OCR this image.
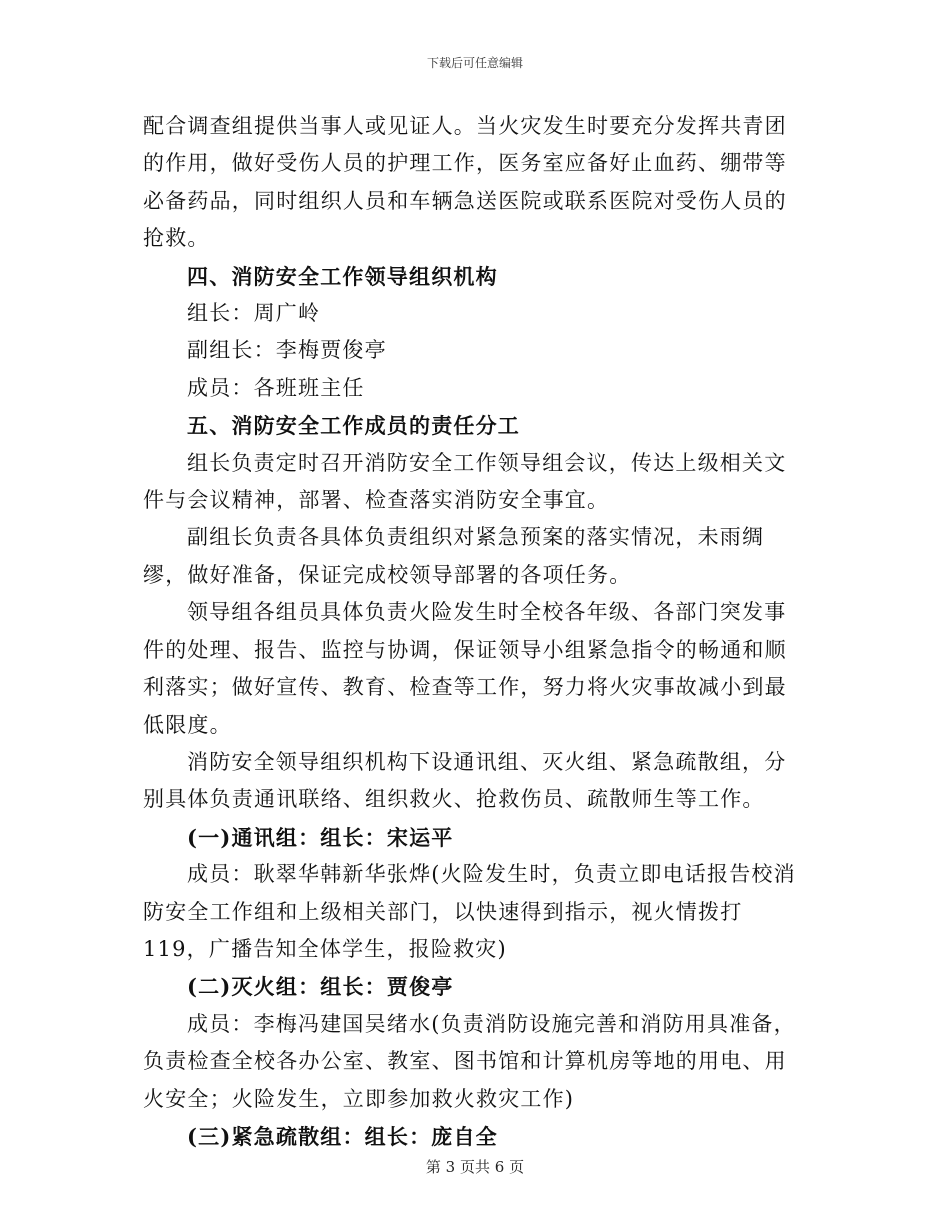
下载后可任意编辑

配合调查组提供当事人或见证人。当火灾发生时要充分发挥共青团的作用，做好受伤人员的护理工作，医务室应备好止血药、绷带等必备药品，同时组织人员和车辆急送医院或联系医院对受伤人员的抢救。

四、消防安全工作领导组织机构

组长：周广岭

副组长：李梅贾俊亭

成员：各班班主任

五、消防安全工作成员的责任分工

组长负责定时召开消防安全工作领导组会议，传达上级相关文件与会议精神，部署、检查落实消防安全事宜。

副组长负责各具体负责组织对紧急预案的落实情况，未雨绸缪，做好准备，保证完成校领导部署的各项任务。

领导组各组员具体负责火险发生时全校各年级、各部门突发事件的处理、报告、监控与协调，保证领导小组紧急指令的畅通和顺利落实；做好宣传、教育、检查等工作，努力将火灾事故减小到最低限度。

消防安全领导组织机构下设通讯组、灭火组、紧急疏散组，分别具体负责通讯联络、组织救火、抢救伤员、疏散师生等工作。

(一)通讯组：组长：宋运平

成员：耿翠华韩新华张烨(火险发生时，负责立即电话报告校消防安全工作组和上级相关部门，以快速得到指示，视火情拨打119，广播告知全体学生，报险救灾)

(二)灭火组：组长：贾俊亭

成员：李梅冯建国吴绪水(负责消防设施完善和消防用具准备，负责检查全校各办公室、教室、图书馆和计算机房等地的用电、用火安全；火险发生，立即参加救火救灾工作)

(三)紧急疏散组：组长：庞自全

第 3 页共 6 页
